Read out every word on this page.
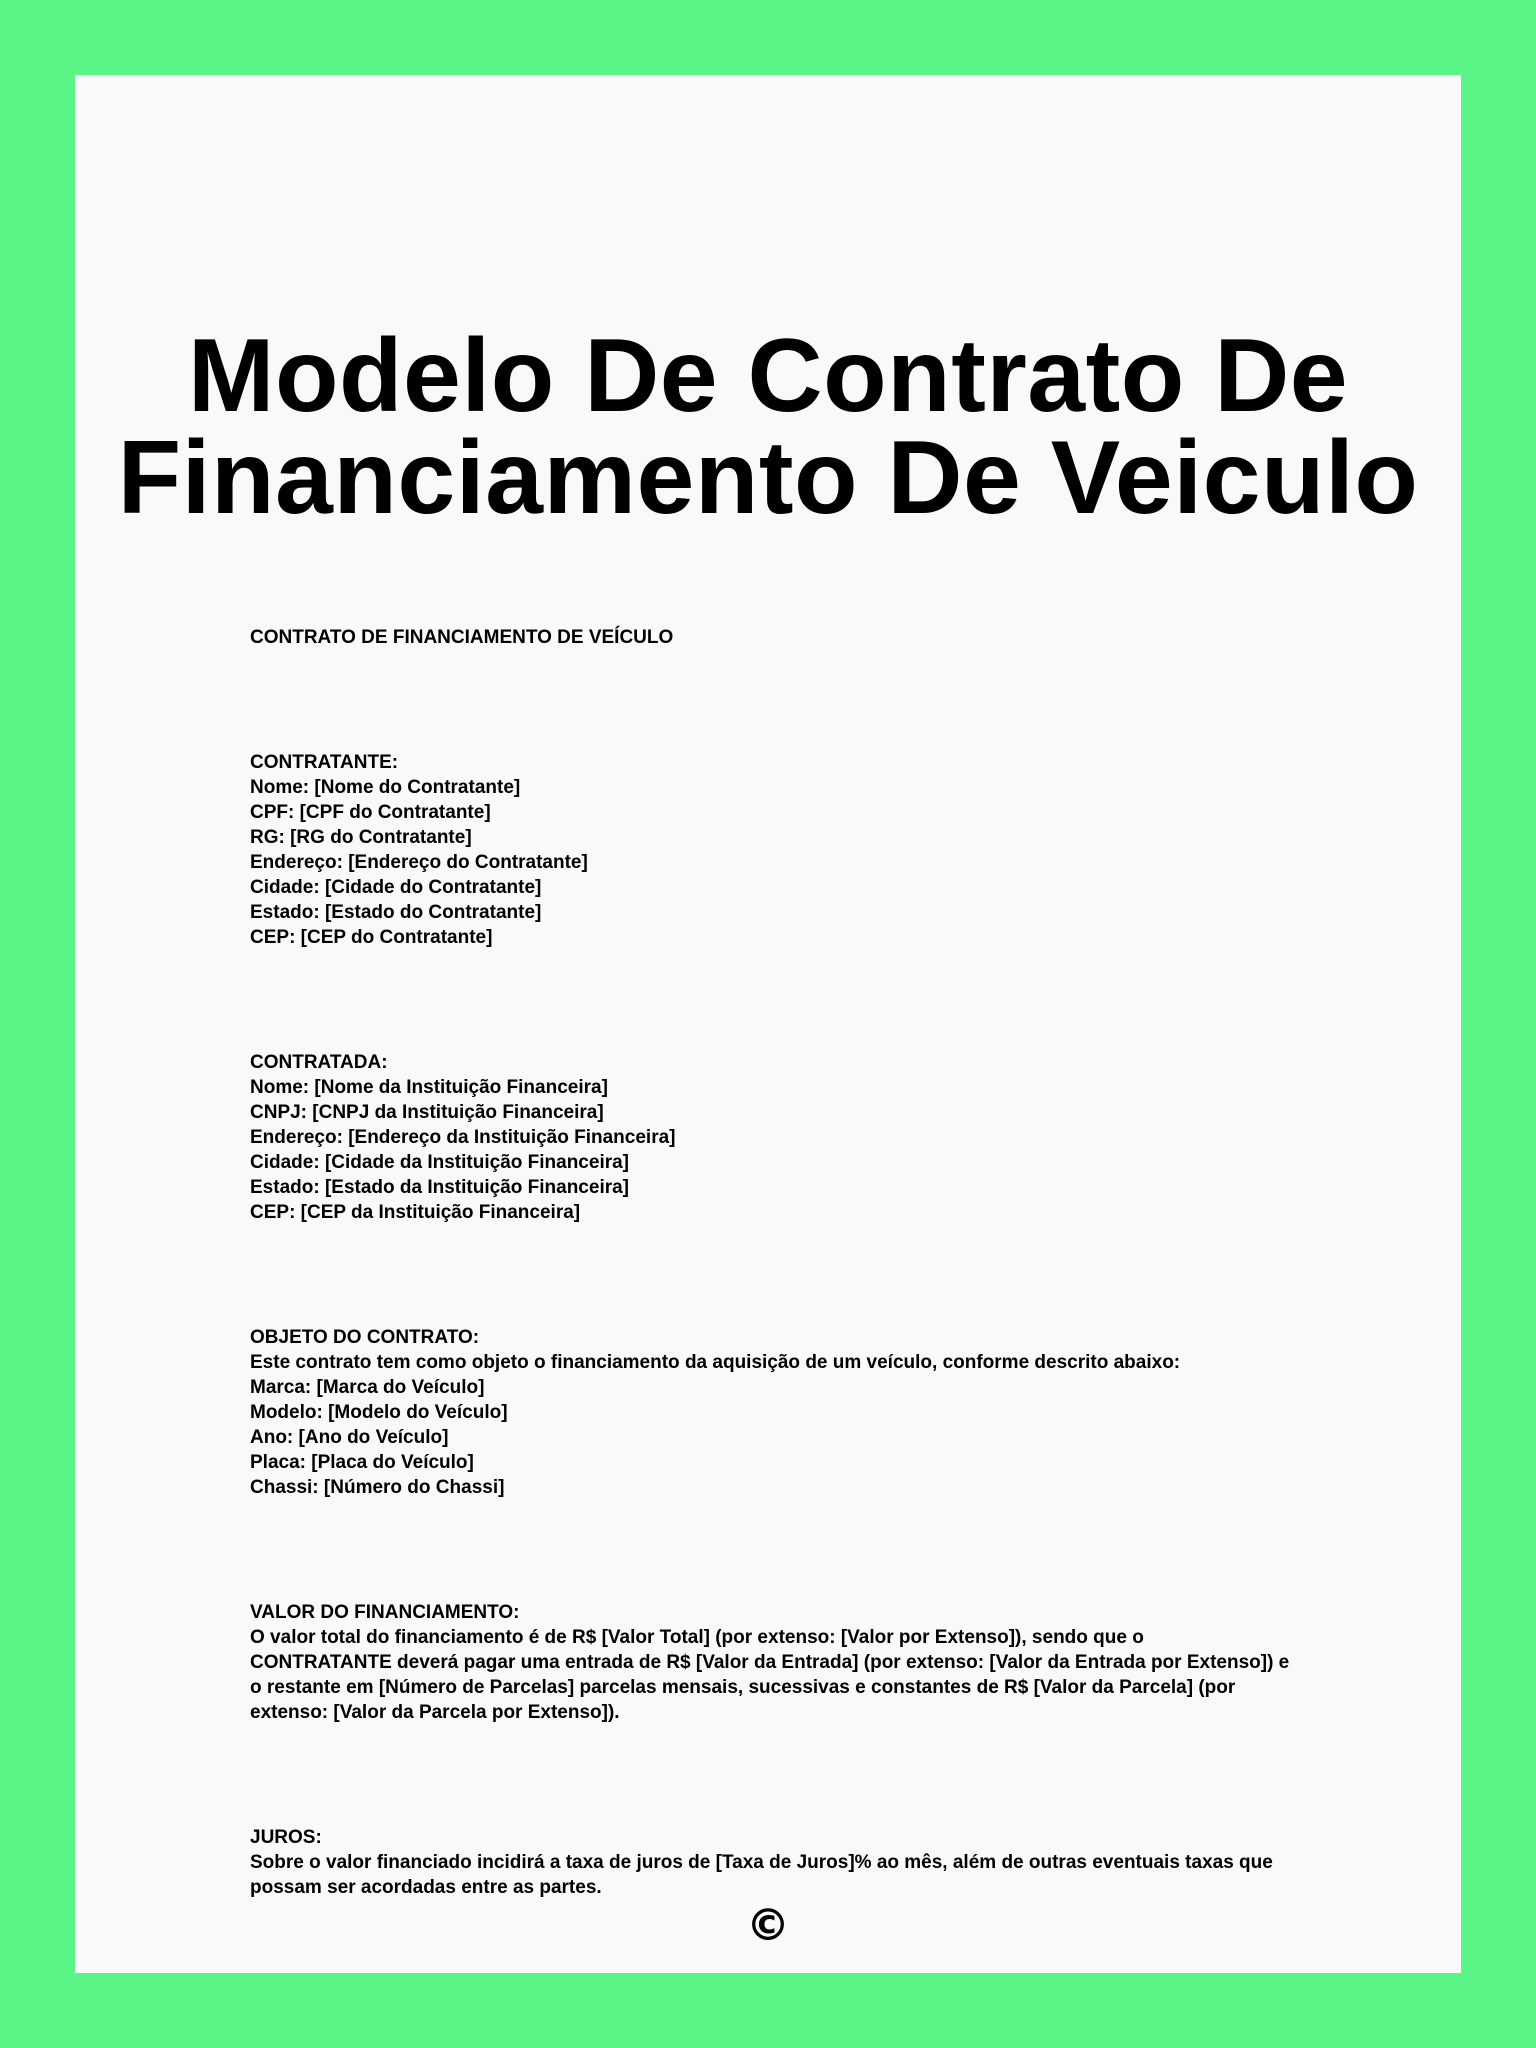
Modelo De Contrato De
Financiamento De Veiculo
CONTRATO DE FINANCIAMENTO DE VEÍCULO
CONTRATANTE:
Nome: [Nome do Contratante]
CPF: [CPF do Contratante]
RG: [RG do Contratante]
Endereço: [Endereço do Contratante]
Cidade: [Cidade do Contratante]
Estado: [Estado do Contratante]
CEP: [CEP do Contratante]
CONTRATADA:
Nome: [Nome da Instituição Financeira]
CNPJ: [CNPJ da Instituição Financeira]
Endereço: [Endereço da Instituição Financeira]
Cidade: [Cidade da Instituição Financeira]
Estado: [Estado da Instituição Financeira]
CEP: [CEP da Instituição Financeira]
OBJETO DO CONTRATO:
Este contrato tem como objeto o financiamento da aquisição de um veículo, conforme descrito abaixo:
Marca: [Marca do Veículo]
Modelo: [Modelo do Veículo]
Ano: [Ano do Veículo]
Placa: [Placa do Veículo]
Chassi: [Número do Chassi]
VALOR DO FINANCIAMENTO:
O valor total do financiamento é de R$ [Valor Total] (por extenso: [Valor por Extenso]), sendo que o CONTRATANTE deverá pagar uma entrada de R$ [Valor da Entrada] (por extenso: [Valor da Entrada por Extenso]) e o restante em [Número de Parcelas] parcelas mensais, sucessivas e constantes de R$ [Valor da Parcela] (por extenso: [Valor da Parcela por Extenso]).
JUROS:
Sobre o valor financiado incidirá a taxa de juros de [Taxa de Juros]% ao mês, além de outras eventuais taxas que possam ser acordadas entre as partes.
©
